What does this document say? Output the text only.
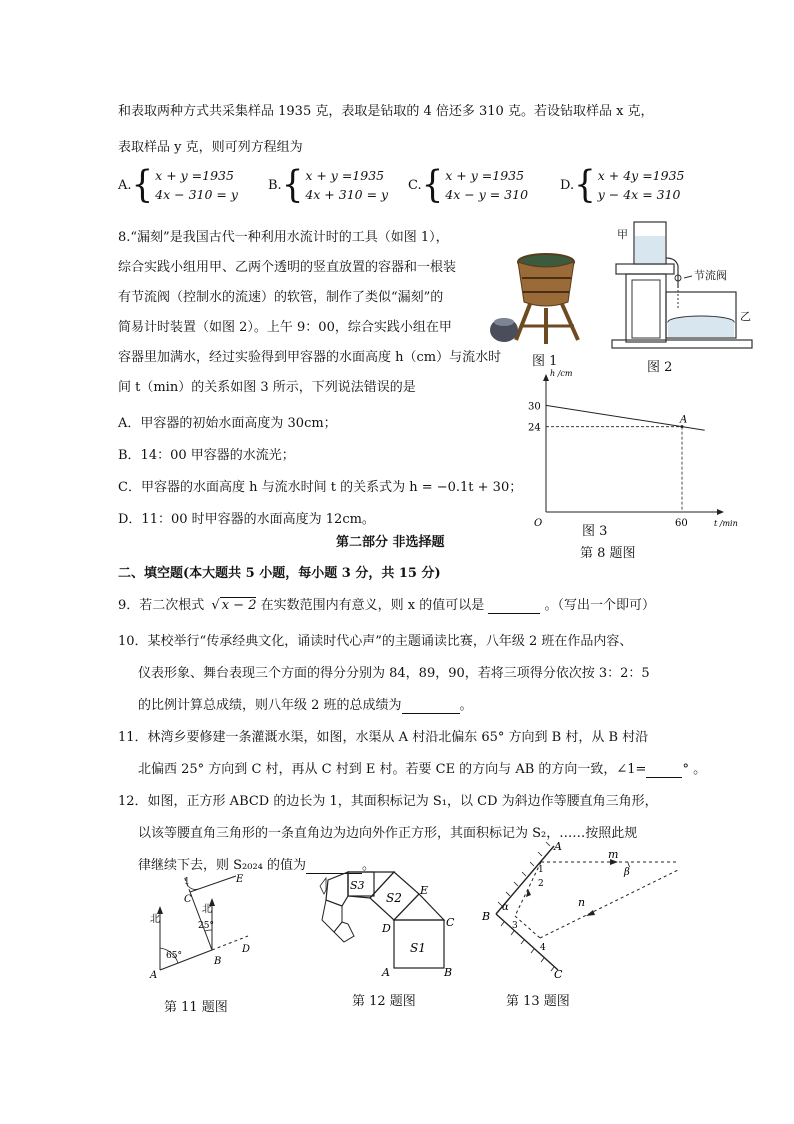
和表取两种方式共采集样品 1935 克，表取是钻取的 4 倍还多 310 克。若设钻取样品 x 克，
表取样品 y 克，则可列方程组为
A. { x + y =1935
4x − 310 = y
B. { x + y =1935
4x + 310 = y
C. { x + y =1935
4x − y = 310
D. { x + 4y =1935
y − 4x = 310
8.“漏刻”是我国古代一种利用水流计时的工具（如图 1），
综合实践小组用甲、乙两个透明的竖直放置的容器和一根装
有节流阀（控制水的流速）的软管，制作了类似“漏刻”的
简易计时装置（如图 2）。上午 9：00，综合实践小组在甲
容器里加满水，经过实验得到甲容器的水面高度 h（cm）与流水时
间 t（min）的关系如图 3 所示，下列说法错误的是
A．甲容器的初始水面高度为 30cm；
B．14：00 甲容器的水流光；
C．甲容器的水面高度 h 与流水时间 t 的关系式为 h = −0.1t + 30；
D．11：00 时甲容器的水面高度为 12cm。
图 1
甲
节流阀
乙
图 2
h /cm
t /min
O	60
24
30
A
图 3
第 8 题图
第二部分 非选择题
二、填空题(本大题共 5 小题，每小题 3 分，共 15 分)
9．若二次根式 √ x − 2 在实数范围内有意义，则 x 的值可以是	。（写出一个即可）
10．某校举行“传承经典文化，诵读时代心声”的主题诵读比赛，八年级 2 班在作品内容、
仪表形象、舞台表现三个方面的得分分别为 84，89，90，若将三项得分依次按 3：2：5
的比例计算总成绩，则八年级 2 班的总成绩为	。
11．林湾乡要修建一条灌溉水渠，如图，水渠从 A 村沿北偏东 65° 方向到 B 村，从 B 村沿
北偏西 25° 方向到 C 村，再从 C 村到 E 村。若要 CE 的方向与 AB 的方向一致，∠1=	° 。
12．如图，正方形 ABCD 的边长为 1，其面积标记为 S₁，以 CD 为斜边作等腰直角三角形，
以该等腰直角三角形的一条直角边为边向外作正方形，其面积标记为 S₂，……按照此规
律继续下去，则 S₂₀₂₄ 的值为	。
北
北
65°
25°
1
A
B
C
D
E
第 11 题图
S1
S2
S3
A	B
C
D
E
第 12 题图
A
B
C
m
n
α
β
1
2
3
4
第 13 题图
